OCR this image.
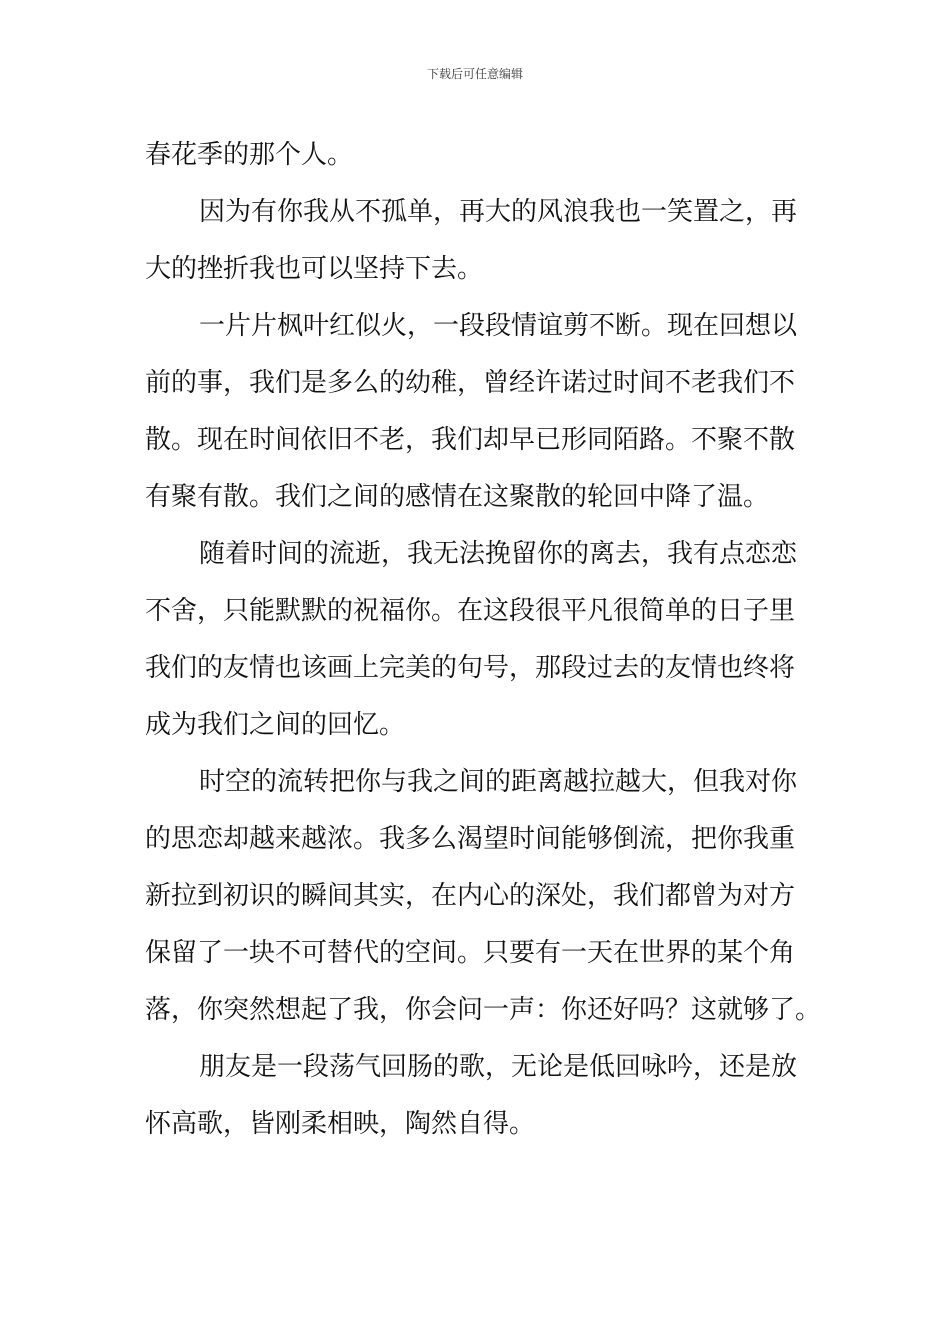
下载后可任意编辑
春花季的那个人。
因为有你我从不孤单，再大的风浪我也一笑置之，再
大的挫折我也可以坚持下去。
一片片枫叶红似火，一段段情谊剪不断。现在回想以
前的事，我们是多么的幼稚，曾经许诺过时间不老我们不
散。现在时间依旧不老，我们却早已形同陌路。不聚不散
有聚有散。我们之间的感情在这聚散的轮回中降了温。
随着时间的流逝，我无法挽留你的离去，我有点恋恋
不舍，只能默默的祝福你。在这段很平凡很简单的日子里
我们的友情也该画上完美的句号，那段过去的友情也终将
成为我们之间的回忆。
时空的流转把你与我之间的距离越拉越大，但我对你
的思恋却越来越浓。我多么渴望时间能够倒流，把你我重
新拉到初识的瞬间其实，在内心的深处，我们都曾为对方
保留了一块不可替代的空间。只要有一天在世界的某个角
落，你突然想起了我，你会问一声：你还好吗？这就够了。
朋友是一段荡气回肠的歌，无论是低回咏吟，还是放
怀高歌，皆刚柔相映，陶然自得。
